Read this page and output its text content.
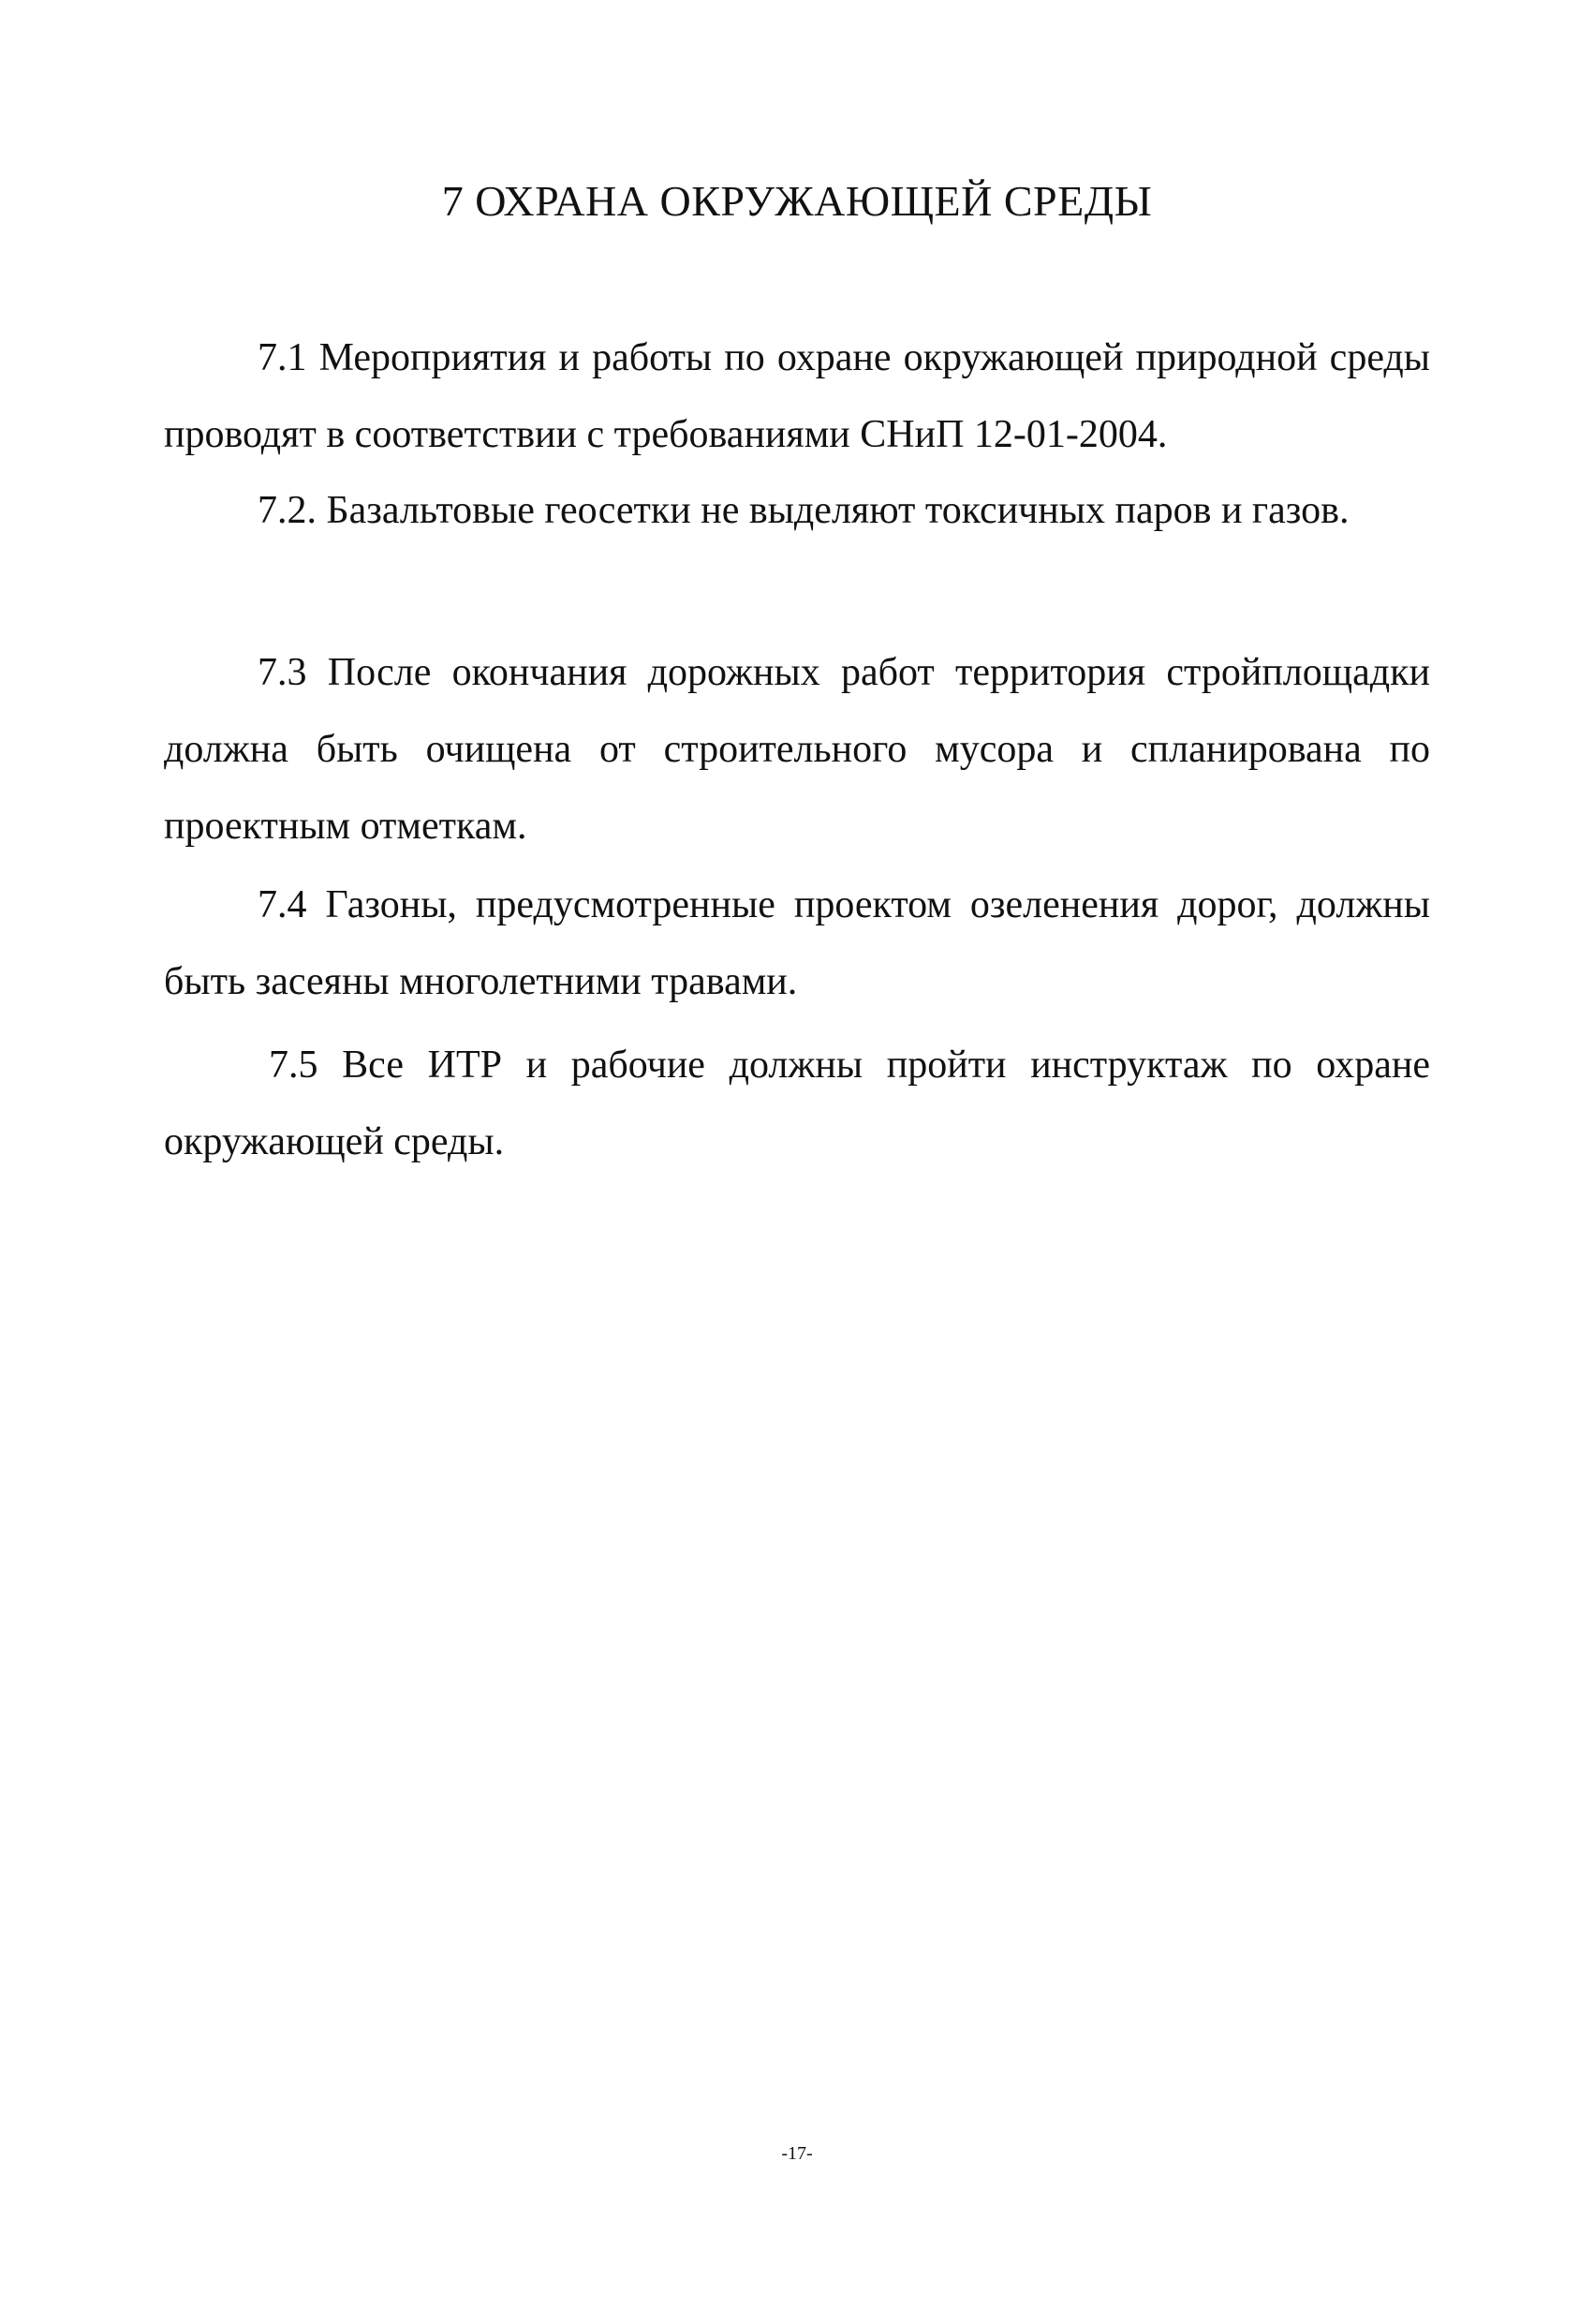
7 ОХРАНА ОКРУЖАЮЩЕЙ СРЕДЫ

7.1 Мероприятия и работы по охране окружающей природной среды проводят в соответствии с требованиями СНиП 12-01-2004.

7.2. Базальтовые геосетки не выделяют токсичных паров и газов.

7.3 После окончания дорожных работ территория стройплощадки должна быть очищена от строительного мусора и спланирована по проектным отметкам.

7.4 Газоны, предусмотренные проектом озеленения дорог, должны быть засеяны многолетними травами.

7.5 Все ИТР и рабочие должны пройти инструктаж по охране окружающей среды.

-17-
